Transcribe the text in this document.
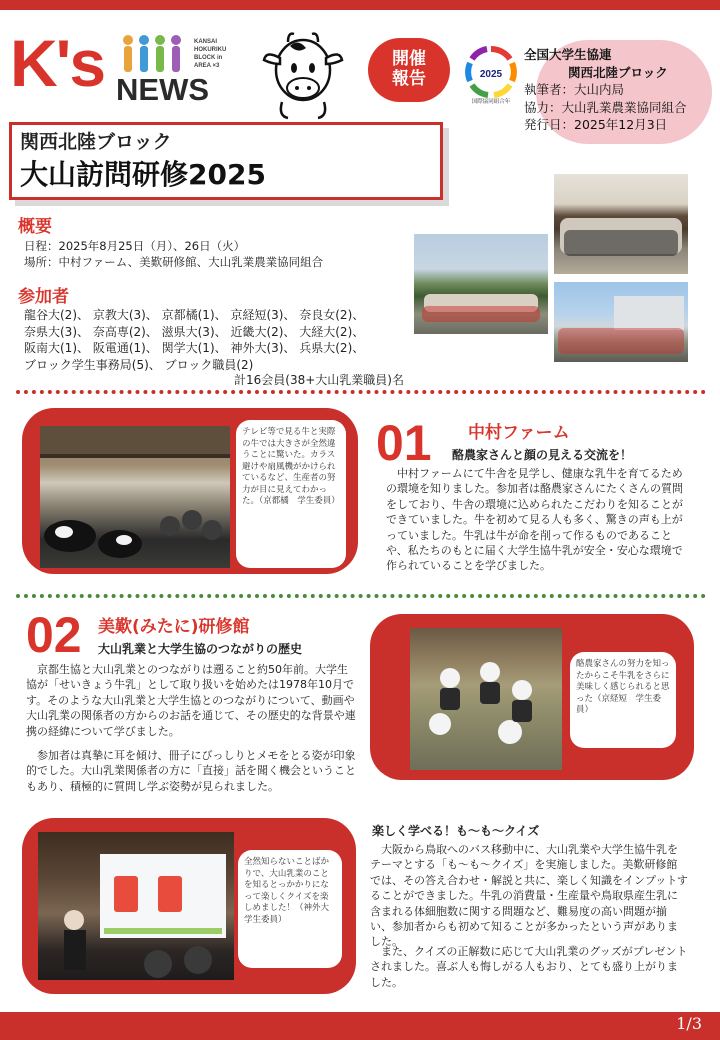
K's	KANSAI HOKURIKU BLOCK in AREA ×3
NEWS
開催
報告	2025
国際協同組合年
全国大学生協連
関西北陸ブロック
執筆者：大山内局
協力：大山乳業農業協同組合
発行日：2025年12月3日
関西北陸ブロック
大山訪問研修2025
概要
日程：2025年8月25日（月）、26日（火）
場所：中村ファーム、美歎研修館、大山乳業農業協同組合
参加者
龍谷大(2)、 京教大(3)、 京都橘(1)、 京経短(3)、 奈良女(2)、
奈県大(3)、 奈高専(2)、 滋県大(3)、 近畿大(2)、 大経大(2)、
阪南大(1)、 阪電通(1)、 関学大(1)、 神外大(3)、 兵県大(2)、
ブロック学生事務局(5)、 ブロック職員(2)
計16会員(38+大山乳業職員)名
テレビ等で見る牛と実際の牛では大きさが全然違うことに驚いた。カラス避けや扇風機がかけられているなど、生産者の努力が目に見えてわかった。（京都橘　学生委員）
01 中村ファーム
酪農家さんと顔の見える交流を！
　中村ファームにて牛舎を見学し、健康な乳牛を育てるための環境を知りました。参加者は酪農家さんにたくさんの質問をしており、牛舎の環境に込められたこだわりを知ることができていました。牛を初めて見る人も多く、驚きの声も上がっていました。牛乳は牛が命を削って作るものであることや、私たちのもとに届く大学生協牛乳が安全・安心な環境で作られていることを学びました。
02 美歎(みたに)研修館
大山乳業と大学生協のつながりの歴史
　京都生協と大山乳業とのつながりは遡ること約50年前。大学生協が「せいきょう牛乳」として取り扱いを始めたは1978年10月です。そのような大山乳業と大学生協とのつながりについて、動画や大山乳業の関係者の方からのお話を通じて、その歴史的な背景や連携の経緯について学びました。
　参加者は真摯に耳を傾け、冊子にびっしりとメモをとる姿が印象的でした。大山乳業関係者の方に「直接」話を聞く機会ということもあり、積極的に質問し学ぶ姿勢が見られました。
酪農家さんの努力を知ったからこそ牛乳をさらに美味しく感じられると思った（京経短　学生委員）
全然知らないことばかりで、大山乳業のことを知るとっかかりになって楽しくクイズを楽しめました！（神外大　学生委員）
楽しく学べる！も～も～クイズ
　大阪から鳥取へのバス移動中に、大山乳業や大学生協牛乳をテーマとする「も～も～クイズ」を実施しました。美歎研修館では、その答え合わせ・解説と共に、楽しく知識をインプットすることができました。牛乳の消費量・生産量や鳥取県産生乳に含まれる体細胞数に関する問題など、難易度の高い問題が揃い、参加者からも初めて知ることが多かったという声がありました。
　また、クイズの正解数に応じて大山乳業のグッズがプレゼントされました。喜ぶ人も悔しがる人もおり、とても盛り上がりました。
1/3
